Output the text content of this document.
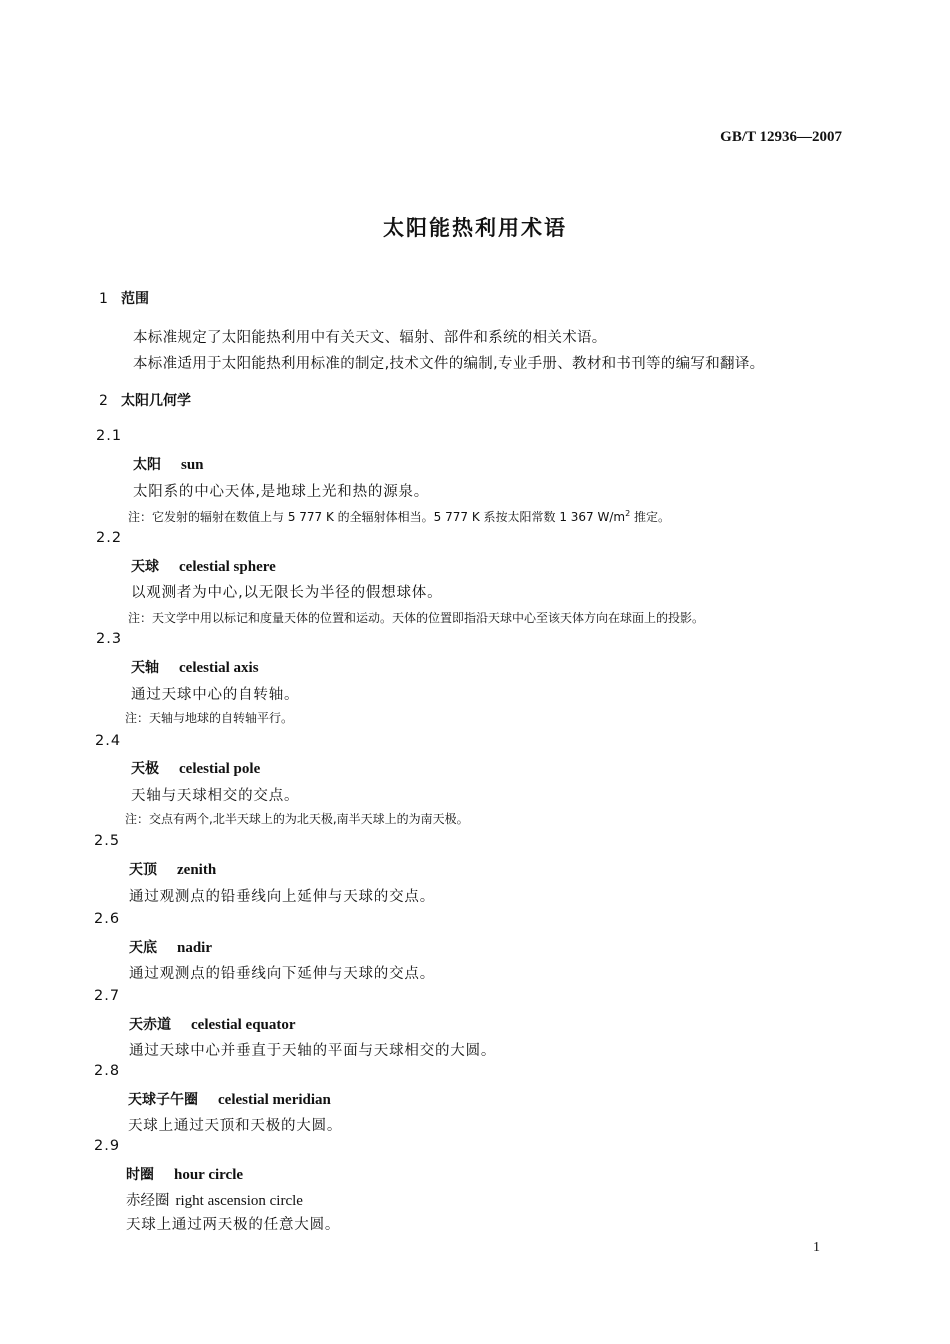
GB/T 12936—2007
太阳能热利用术语
1 范围
本标准规定了太阳能热利用中有关天文、辐射、部件和系统的相关术语。
本标准适用于太阳能热利用标准的制定,技术文件的编制,专业手册、教材和书刊等的编写和翻译。
2 太阳几何学
2.1
太阳 sun
太阳系的中心天体,是地球上光和热的源泉。
注：它发射的辐射在数值上与 5 777 K 的全辐射体相当。5 777 K 系按太阳常数 1 367 $W/m^2$ 推定。
2.2
天球 celestial sphere
以观测者为中心,以无限长为半径的假想球体。
注：天文学中用以标记和度量天体的位置和运动。天体的位置即指沿天球中心至该天体方向在球面上的投影。
2.3
天轴 celestial axis
通过天球中心的自转轴。
注：天轴与地球的自转轴平行。
2.4
天极 celestial pole
天轴与天球相交的交点。
注：交点有两个,北半天球上的为北天极,南半天球上的为南天极。
2.5
天顶 zenith
通过观测点的铅垂线向上延伸与天球的交点。
2.6
天底 nadir
通过观测点的铅垂线向下延伸与天球的交点。
2.7
天赤道 celestial equator
通过天球中心并垂直于天轴的平面与天球相交的大圆。
2.8
天球子午圈 celestial meridian
天球上通过天顶和天极的大圆。
2.9
时圈 hour circle
赤经圈 right ascension circle
天球上通过两天极的任意大圆。
1
